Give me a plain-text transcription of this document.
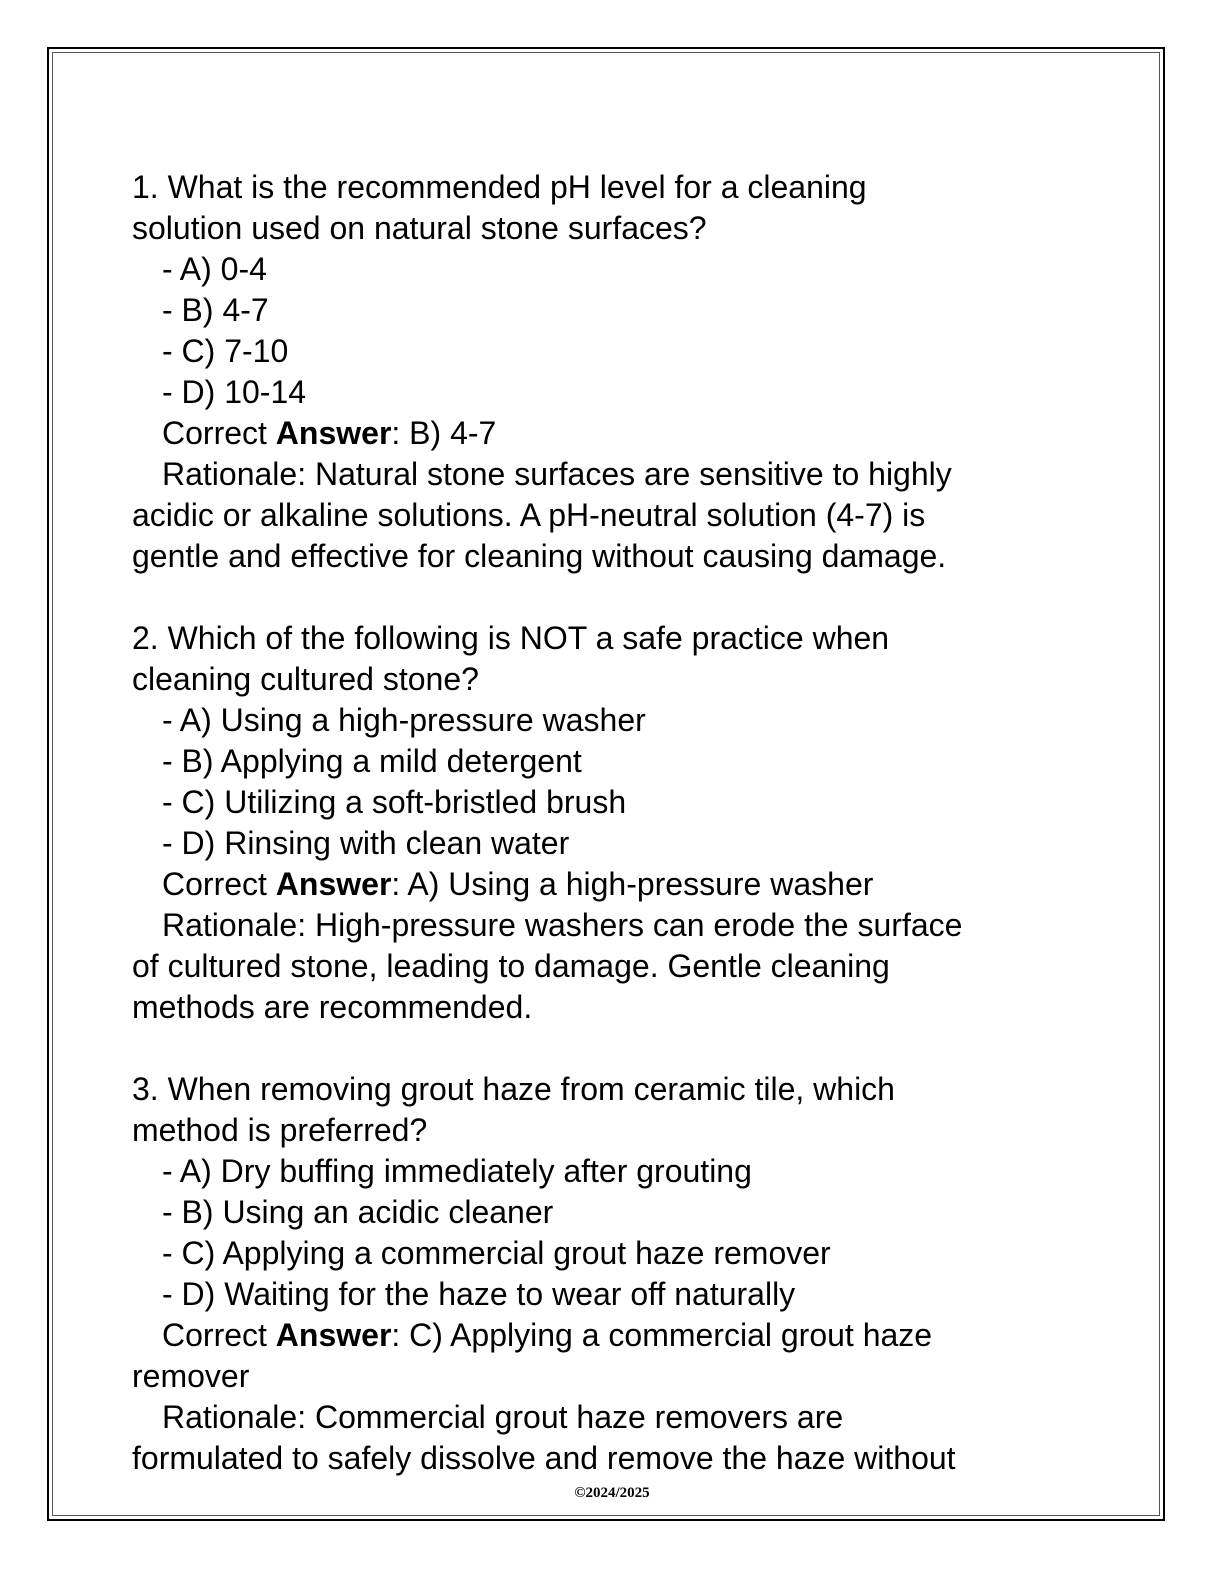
1. What is the recommended pH level for a cleaning
solution used on natural stone surfaces?
- A) 0-4
- B) 4-7
- C) 7-10
- D) 10-14
Correct Answer: B) 4-7
Rationale: Natural stone surfaces are sensitive to highly
acidic or alkaline solutions. A pH-neutral solution (4-7) is
gentle and effective for cleaning without causing damage.
2. Which of the following is NOT a safe practice when
cleaning cultured stone?
- A) Using a high-pressure washer
- B) Applying a mild detergent
- C) Utilizing a soft-bristled brush
- D) Rinsing with clean water
Correct Answer: A) Using a high-pressure washer
Rationale: High-pressure washers can erode the surface
of cultured stone, leading to damage. Gentle cleaning
methods are recommended.
3. When removing grout haze from ceramic tile, which
method is preferred?
- A) Dry buffing immediately after grouting
- B) Using an acidic cleaner
- C) Applying a commercial grout haze remover
- D) Waiting for the haze to wear off naturally
Correct Answer: C) Applying a commercial grout haze
remover
Rationale: Commercial grout haze removers are
formulated to safely dissolve and remove the haze without
©2024/2025
